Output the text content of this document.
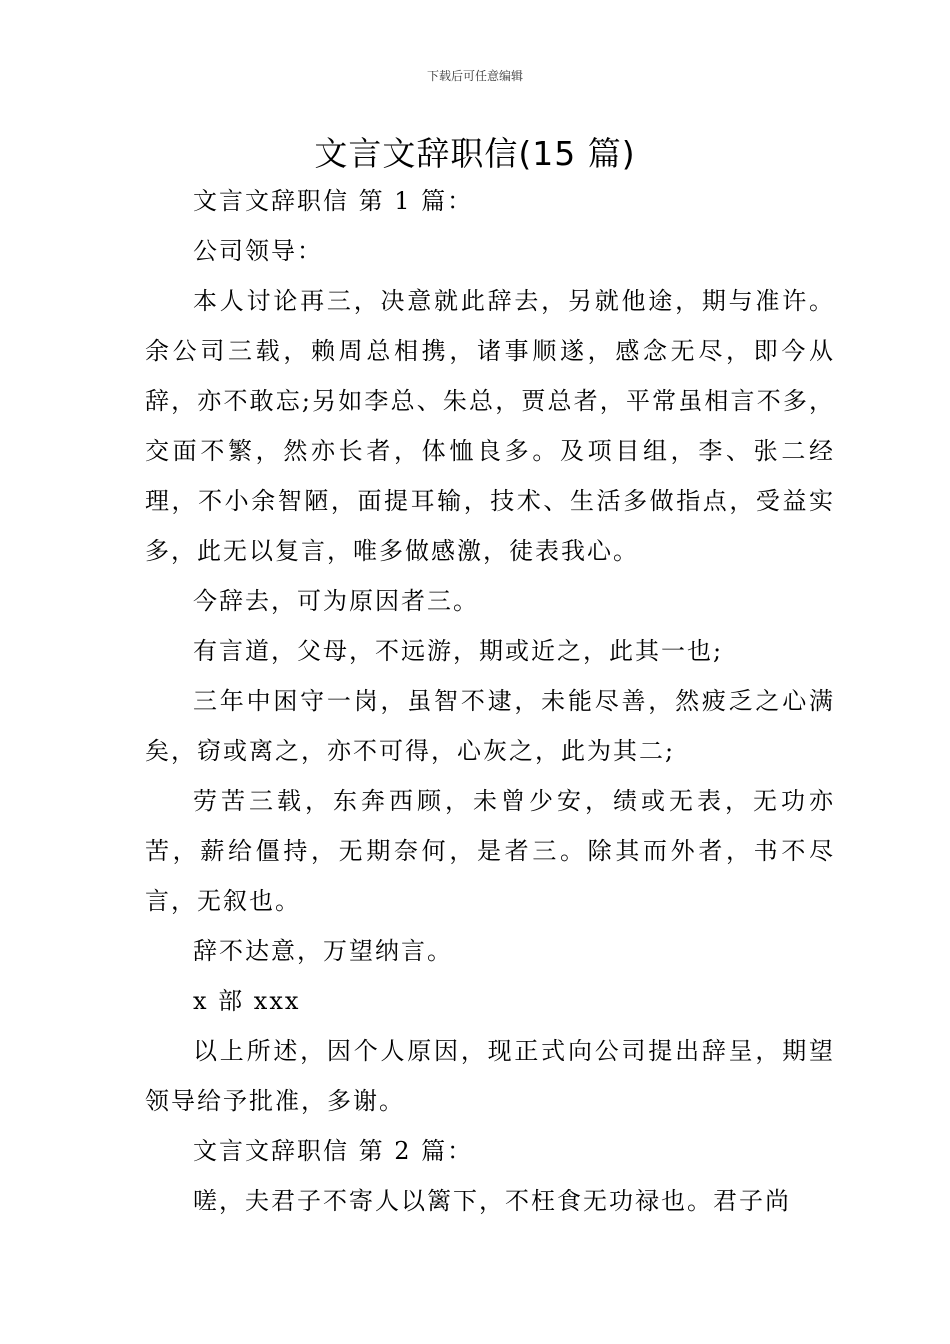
下载后可任意编辑
文言文辞职信(15 篇)

文言文辞职信 第 1 篇：

公司领导：

本人讨论再三，决意就此辞去，另就他途，期与准许。余公司三载，赖周总相携，诸事顺遂，感念无尽，即今从辞，亦不敢忘;另如李总、朱总，贾总者，平常虽相言不多，交面不繁，然亦长者，体恤良多。及项目组，李、张二经理，不小余智陋，面提耳输，技术、生活多做指点，受益实多，此无以复言，唯多做感激，徒表我心。

今辞去，可为原因者三。

有言道，父母，不远游，期或近之，此其一也;

三年中困守一岗，虽智不逮，未能尽善，然疲乏之心满矣，窃或离之，亦不可得，心灰之，此为其二;

劳苦三载，东奔西顾，未曾少安，绩或无表，无功亦苦，薪给僵持，无期奈何，是者三。除其而外者，书不尽言，无叙也。

辞不达意，万望纳言。

x 部 xxx

以上所述，因个人原因，现正式向公司提出辞呈，期望领导给予批准，多谢。

文言文辞职信 第 2 篇：

嗟，夫君子不寄人以篱下，不枉食无功禄也。君子尚
